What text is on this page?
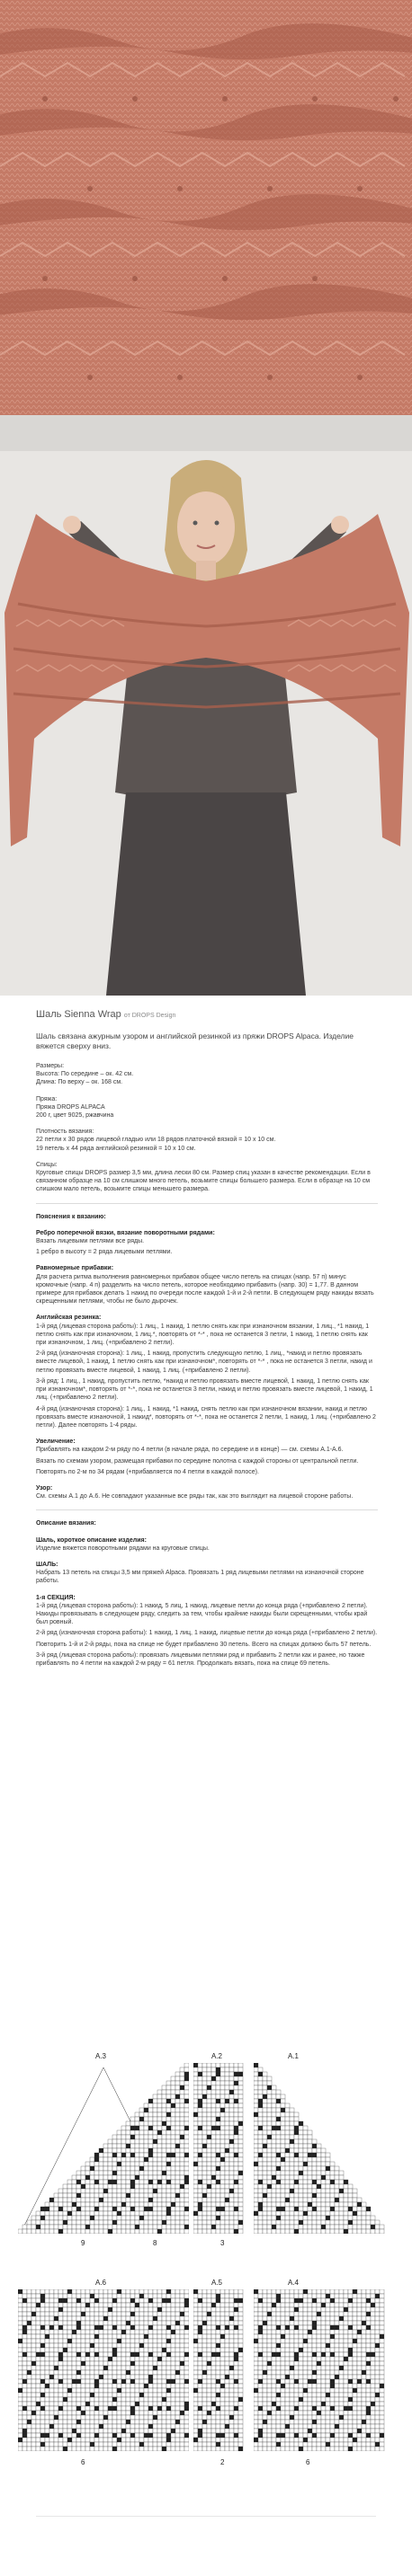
Шаль Sienna Wrap от DROPS Design
Шаль связана ажурным узором и английской резинкой из пряжи DROPS Alpaca. Изделие вяжется сверху вниз.
Размеры:
Высота: По середине – ок. 42 см.
Длина: По верху – ок. 168 см.
Пряжа:
Пряжа DROPS ALPACA
200 г, цвет 9025, ржавчина
Плотность вязания:
22 петли х 30 рядов лицевой гладью или 18 рядов платочной вязкой = 10 х 10 см.
19 петель х 44 ряда английской резинкой = 10 х 10 см.
Спицы:
Круговые спицы DROPS размер 3,5 мм, длина лески 80 см. Размер спиц указан в качестве рекомендации. Если в связанном образце на 10 см слишком много петель, возьмите спицы большего размера. Если в образце на 10 см слишком мало петель, возьмите спицы меньшего размера.
Пояснения к вязанию:
Ребро поперечной вязки, вязание поворотными рядами:
Вязать лицевыми петлями все ряды.
1 ребро в высоту = 2 ряда лицевыми петлями.
Равномерные прибавки:
Для расчета ритма выполнения равномерных прибавок общее число петель на спицах (напр. 57 п) минус кромочные (напр. 4 п) разделить на число петель, которое необходимо прибавить (напр. 30) = 1,77. В данном примере для прибавок делать 1 накид по очереди после каждой 1-й и 2-й петли. В следующем ряду накиды вязать скрещенными петлями, чтобы не было дырочек.
Английская резинка:
1-й ряд (лицевая сторона работы): 1 лиц., 1 накид, 1 петлю снять как при изнаночном вязании, 1 лиц., *1 накид, 1 петлю снять как при изнаночном, 1 лиц.*, повторять от *-* , пока не останется 3 петли, 1 накид, 1 петлю снять как при изнаночном, 1 лиц. (+прибавлено 2 петли).
2-й ряд (изнаночная сторона): 1 лиц., 1 накид, пропустить следующую петлю, 1 лиц., *накид и петлю провязать вместе лицевой, 1 накид, 1 петлю снять как при изнаночном*, повторять от *-* , пока не останется 3 петли, накид и петлю провязать вместе лицевой, 1 накид, 1 лиц. (+прибавлено 2 петли).
3-й ряд: 1 лиц., 1 накид, пропустить петлю, *накид и петлю провязать вместе лицевой, 1 накид, 1 петлю снять как при изнаночном*, повторять от *-*, пока не останется 3 петли, накид и петлю провязать вместе лицевой, 1 накид, 1 лиц. (+прибавлено 2 петли).
4-й ряд (изнаночная сторона): 1 лиц., 1 накид, *1 накид, снять петлю как при изнаночном вязании, накид и петлю провязать вместе изнаночной, 1 накид*, повторять от *-*, пока не останется 2 петли, 1 накид, 1 лиц. (+прибавлено 2 петли). Далее повторять 1-4 ряды.
Увеличение:
Прибавлять на каждом 2-м ряду по 4 петли (в начале ряда, по середине и в конце) — см. схемы A.1-A.6.
Вязать по схемам узором, размещая прибавки по середине полотна с каждой стороны от центральной петли.
Повторять по 2-м по 34 рядам (+прибавляется по 4 петли в каждой полосе).
Узор:
См. схемы A.1 до A.6. Не совпадают указанные все ряды так, как это выглядит на лицевой стороне работы.
Описание вязания:
Шаль, короткое описание изделия:
Изделие вяжется поворотными рядами на круговые спицы.
ШАЛЬ:
Набрать 13 петель на спицы 3,5 мм пряжей Alpaca. Провязать 1 ряд лицевыми петлями на изнаночной стороне работы.
1-я СЕКЦИЯ:
1-й ряд (лицевая сторона работы): 1 накид, 5 лиц, 1 накид, лицевые петли до конца ряда (+прибавлено 2 петли). Накиды провязывать в следующем ряду, следить за тем, чтобы крайние накиды были скрещенными, чтобы край был ровный.
2-й ряд (изнаночная сторона работы): 1 накид, 1 лиц, 1 накид, лицевые петли до конца ряда (+прибавлено 2 петли).
Повторить 1-й и 2-й ряды, пока на спице не будет прибавлено 30 петель. Всего на спицах должно быть 57 петель.
3-й ряд (лицевая сторона работы): провязать лицевыми петлями ряд и прибавить 2 петли как и ранее, но также прибавлять по 4 петли на каждой 2-м ряду = 61 петля. Продолжать вязать, пока на спице 69 петель.
A.3	A.2	A.1
9	8	3
A.6	A.5	A.4
6	2	6
